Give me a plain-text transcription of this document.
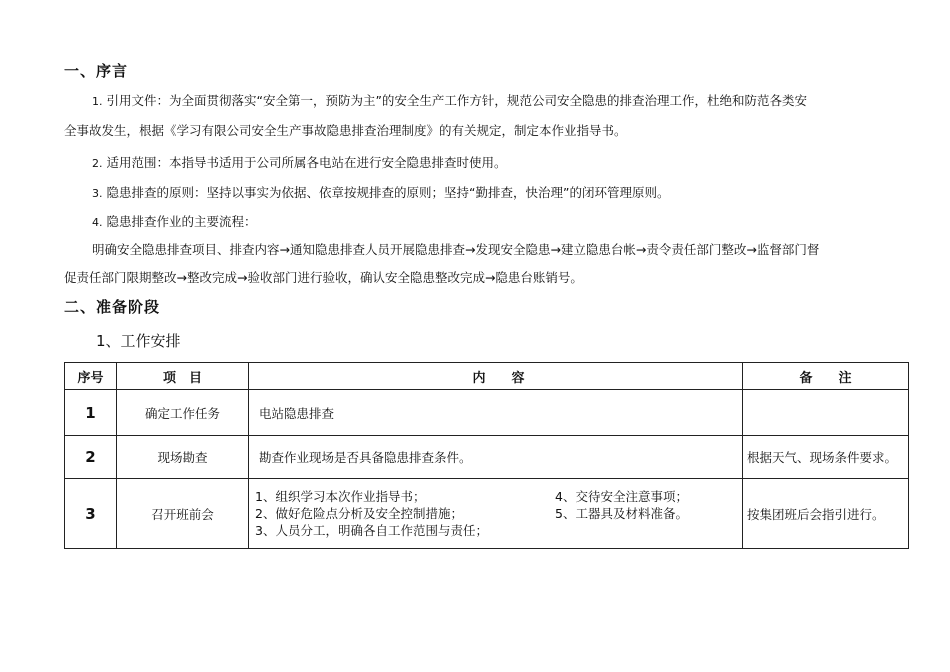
一、序言
1. 引用文件：为全面贯彻落实“安全第一，预防为主”的安全生产工作方针，规范公司安全隐患的排查治理工作，杜绝和防范各类安
全事故发生，根据《学习有限公司安全生产事故隐患排查治理制度》的有关规定，制定本作业指导书。
2. 适用范围：本指导书适用于公司所属各电站在进行安全隐患排查时使用。
3. 隐患排查的原则：坚持以事实为依据、依章按规排查的原则；坚持“勤排查，快治理”的闭环管理原则。
4. 隐患排查作业的主要流程：
明确安全隐患排查项目、排查内容→通知隐患排查人员开展隐患排查→发现安全隐患→建立隐患台帐→责令责任部门整改→监督部门督
促责任部门限期整改→整改完成→验收部门进行验收，确认安全隐患整改完成→隐患台账销号。
二、准备阶段
1、工作安排
序号	项　目	内　　容	备　　注
1	确定工作任务	电站隐患排查	
2	现场勘查	勘查作业现场是否具备隐患排查条件。	根据天气、现场条件要求。
3	召开班前会	1、组织学习本次作业指导书；
2、做好危险点分析及安全控制措施；
3、人员分工，明确各自工作范围与责任；
4、交待安全注意事项；
5、工器具及材料准备。	按集团班后会指引进行。
